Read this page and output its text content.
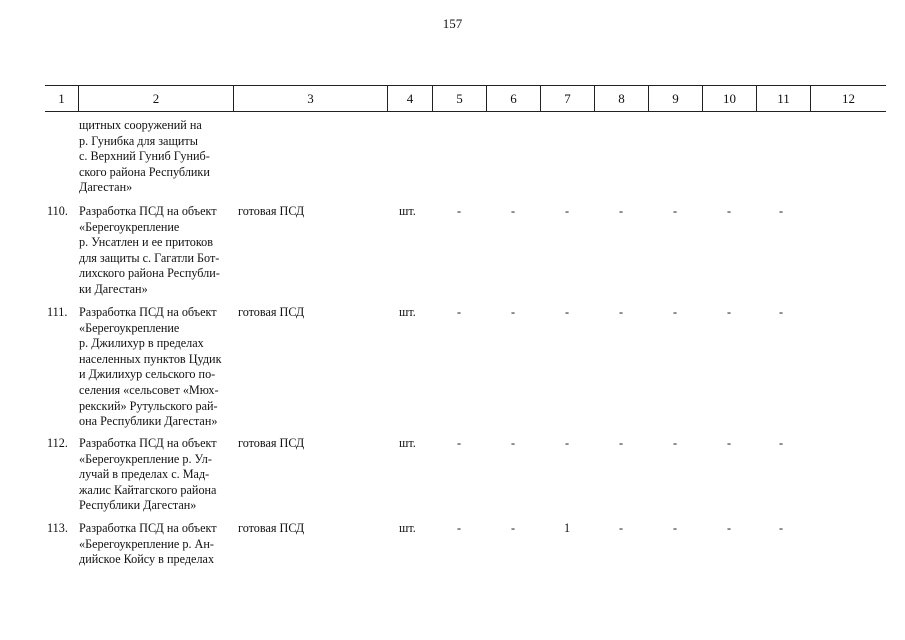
157
1	2	3	4	5	6	7	8	9	10	11	12
щитных сооружений на
р. Гунибка для защиты
с. Верхний Гуниб Гуниб-
ского района Республики
Дагестан»
110. Разработка ПСД на объект
«Берегоукрепление
р. Унсатлен и ее притоков
для защиты с. Гагатли Бот-
лихского района Республи-
ки Дагестан»
готовая ПСД	шт.	-	-	-	-	-	-	-
111. Разработка ПСД на объект
«Берегоукрепление
р. Джилихур в пределах
населенных пунктов Цудик
и Джилихур сельского по-
селения «сельсовет «Мюх-
рекский» Рутульского рай-
она Республики Дагестан»
готовая ПСД	шт.	-	-	-	-	-	-	-
112. Разработка ПСД на объект
«Берегоукрепление р. Ул-
лучай в пределах с. Мад-
жалис Кайтагского района
Республики Дагестан»
готовая ПСД	шт.	-	-	-	-	-	-	-
113. Разработка ПСД на объект
«Берегоукрепление р. Ан-
дийское Койсу в пределах
готовая ПСД	шт.	-	-	1	-	-	-	-
